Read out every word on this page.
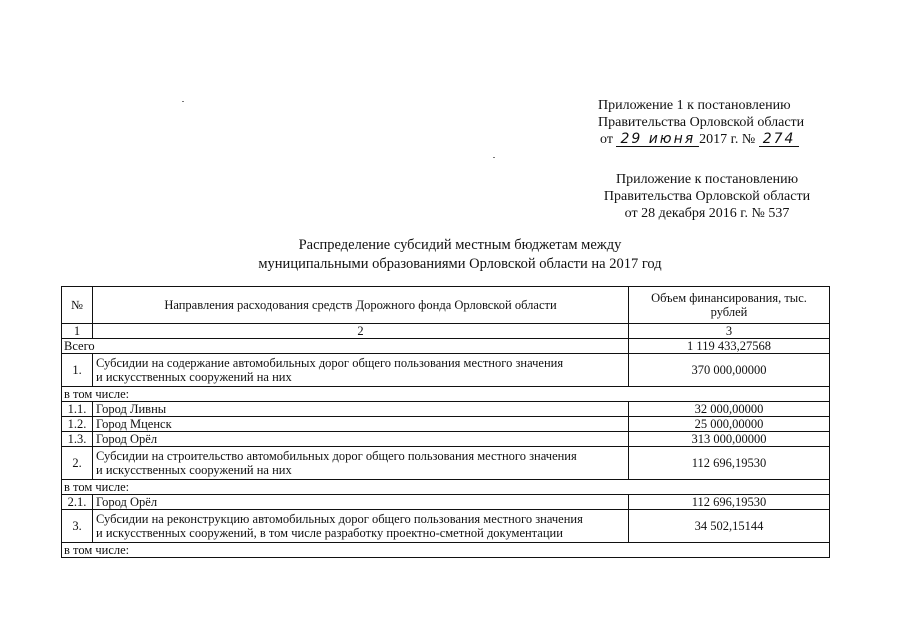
Приложение 1 к постановлению
Правительства Орловской области
от 29 июня 2017 г. № 274
Приложение к постановлению
Правительства Орловской области
от 28 декабря 2016 г. № 537
Распределение субсидий местным бюджетам между
муниципальными образованиями Орловской области на 2017 год
№	Направления расходования средств Дорожного фонда Орловской области	Объем финансирования, тыс. рублей
1	2	3
Всего		1 119 433,27568
1.	Субсидии на содержание автомобильных дорог общего пользования местного значения
и искусственных сооружений на них	370 000,00000
в том числе:		
1.1.	Город Ливны	32 000,00000
1.2.	Город Мценск	25 000,00000
1.3.	Город Орёл	313 000,00000
2.	Субсидии на строительство автомобильных дорог общего пользования местного значения
и искусственных сооружений на них	112 696,19530
в том числе:		
2.1.	Город Орёл	112 696,19530
3.	Субсидии на реконструкцию автомобильных дорог общего пользования местного значения
и искусственных сооружений, в том числе разработку проектно-сметной документации	34 502,15144
в том числе:		
